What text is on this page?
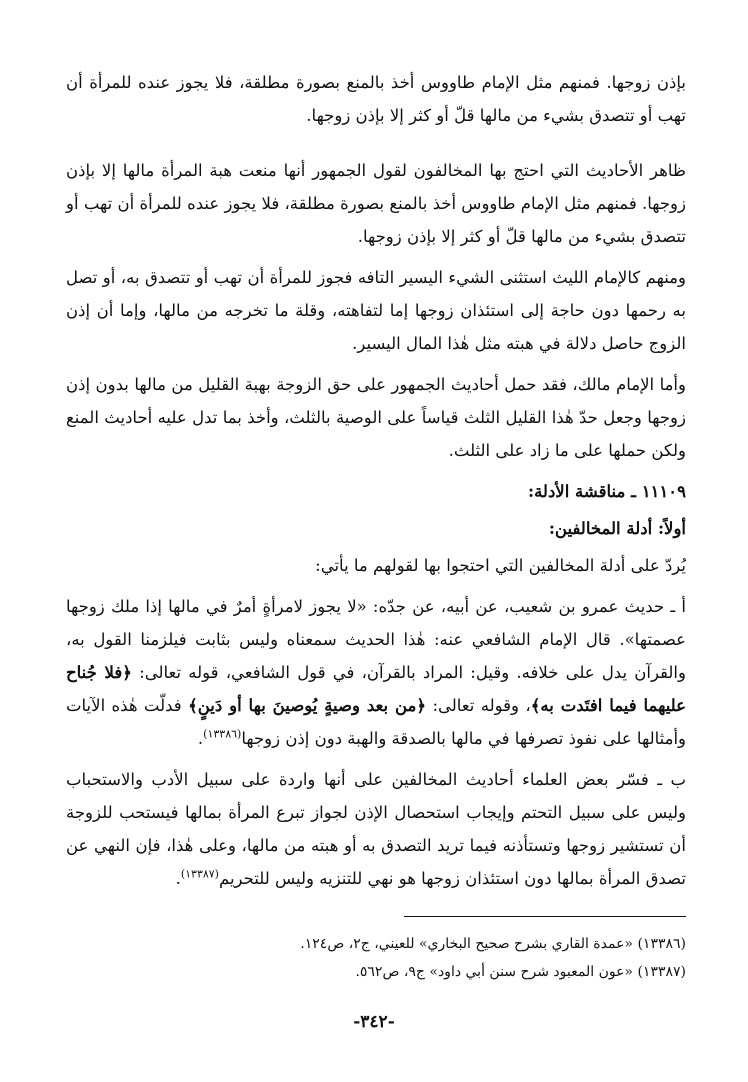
بإذن زوجها. فمنهم مثل الإمام طاووس أخذ بالمنع بصورة مطلقة، فلا يجوز عنده للمرأة أن تهب أو تتصدق بشيء من مالها قلّ أو كثر إلا بإذن زوجها.

ظاهر الأحاديث التي احتج بها المخالفون لقول الجمهور أنها منعت هبة المرأة مالها إلا بإذن زوجها. فمنهم مثل الإمام طاووس أخذ بالمنع بصورة مطلقة، فلا يجوز عنده للمرأة أن تهب أو تتصدق بشيء من مالها قلّ أو كثر إلا بإذن زوجها.

ومنهم كالإمام الليث استثنى الشيء اليسير التافه فجوز للمرأة أن تهب أو تتصدق به، أو تصل به رحمها دون حاجة إلى استئذان زوجها إما لتفاهته، وقلة ما تخرجه من مالها، وإما أن إذن الزوج حاصل دلالة في هبته مثل هٰذا المال اليسير.

وأما الإمام مالك، فقد حمل أحاديث الجمهور على حق الزوجة بهبة القليل من مالها بدون إذن زوجها وجعل حدّ هٰذا القليل الثلث قياساً على الوصية بالثلث، وأخذ بما تدل عليه أحاديث المنع ولكن حملها على ما زاد على الثلث.

١١١٠٩ ـ مناقشة الأدلة:
أولاً: أدلة المخالفين:

يُردّ على أدلة المخالفين التي احتجوا بها لقولهم ما يأتي:

أ ـ حديث عمرو بن شعيب، عن أبيه، عن جدّه: «لا يجوز لامرأةٍ أمرٌ في مالها إذا ملك زوجها عصمتها». قال الإمام الشافعي عنه: هٰذا الحديث سمعناه وليس بثابت فيلزمنا القول به، والقرآن يدل على خلافه. وقيل: المراد بالقرآن، في قول الشافعي، قوله تعالى: ﴿فلا جُناح عليهما فيما افتَدت به﴾، وقوله تعالى: ﴿من بعد وصيةٍ يُوصينَ بها أو دَينٍ﴾ فدلّت هٰذه الآيات وأمثالها على نفوذ تصرفها في مالها بالصدقة والهبة دون إذن زوجها$^{(١٣٣٨٦)}$.

ب ـ فسّر بعض العلماء أحاديث المخالفين على أنها واردة على سبيل الأدب والاستحباب وليس على سبيل التحتم وإيجاب استحصال الإذن لجواز تبرع المرأة بمالها فيستحب للزوجة أن تستشير زوجها وتستأذنه فيما تريد التصدق به أو هبته من مالها، وعلى هٰذا، فإن النهي عن تصدق المرأة بمالها دون استئذان زوجها هو نهي للتنزيه وليس للتحريم$^{(١٣٣٨٧)}$.

(١٣٣٨٦) «عمدة القاري بشرح صحيح البخاري» للعيني، ج٢، ص١٢٤.

(١٣٣٨٧) «عون المعبود شرح سنن أبي داود» ج٩، ص٥٦٢.

-٣٤٢-
